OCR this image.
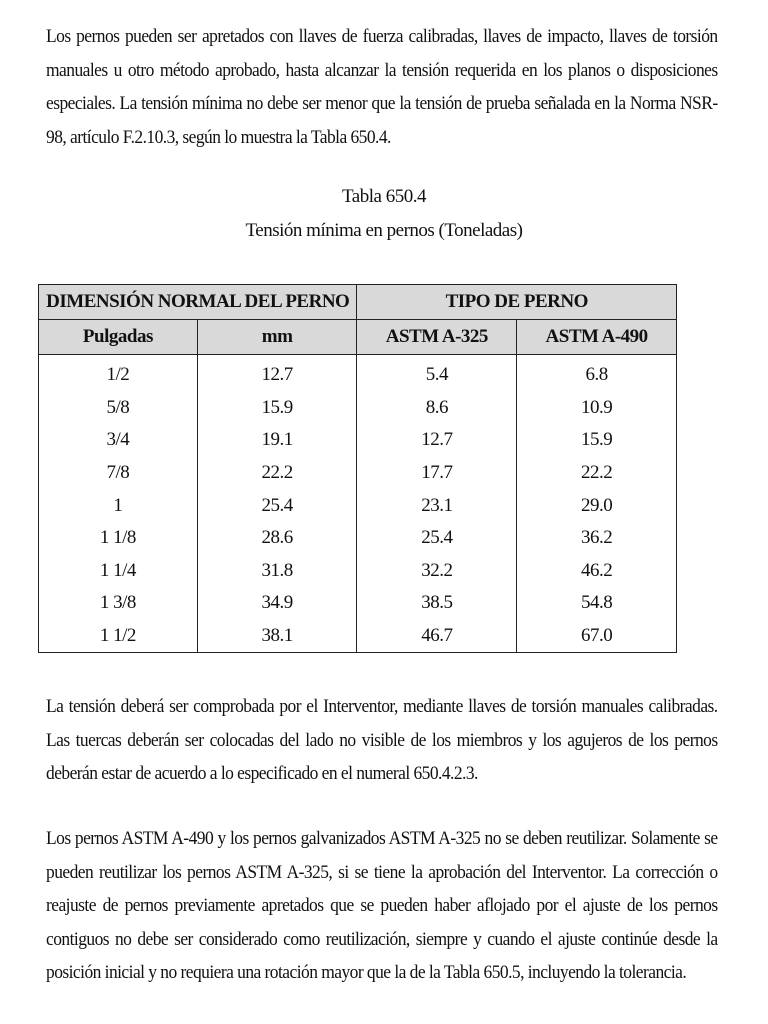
Los pernos pueden ser apretados con llaves de fuerza calibradas, llaves de impacto, llaves de torsión manuales u otro método aprobado, hasta alcanzar la tensión requerida en los planos o disposiciones especiales. La tensión mínima no debe ser menor que la tensión de prueba señalada en la Norma NSR-98, artículo F.2.10.3, según lo muestra la Tabla 650.4.

Tabla 650.4
Tensión mínima en pernos (Toneladas)
DIMENSIÓN NORMAL DEL PERNO		TIPO DE PERNO	
Pulgadas	mm	ASTM A-325	ASTM A-490
1/2	12.7	5.4	6.8
5/8	15.9	8.6	10.9
3/4	19.1	12.7	15.9
7/8	22.2	17.7	22.2
1	25.4	23.1	29.0
1 1/8	28.6	25.4	36.2
1 1/4	31.8	32.2	46.2
1 3/8	34.9	38.5	54.8
1 1/2	38.1	46.7	67.0

La tensión deberá ser comprobada por el Interventor, mediante llaves de torsión manuales calibradas. Las tuercas deberán ser colocadas del lado no visible de los miembros y los agujeros de los pernos deberán estar de acuerdo a lo especificado en el numeral 650.4.2.3.

Los pernos ASTM A-490 y los pernos galvanizados ASTM A-325 no se deben reutilizar. Solamente se pueden reutilizar los pernos ASTM A-325, si se tiene la aprobación del Interventor. La corrección o reajuste de pernos previamente apretados que se pueden haber aflojado por el ajuste de los pernos contiguos no debe ser considerado como reutilización, siempre y cuando el ajuste continúe desde la posición inicial y no requiera una rotación mayor que la de la Tabla 650.5, incluyendo la tolerancia.
